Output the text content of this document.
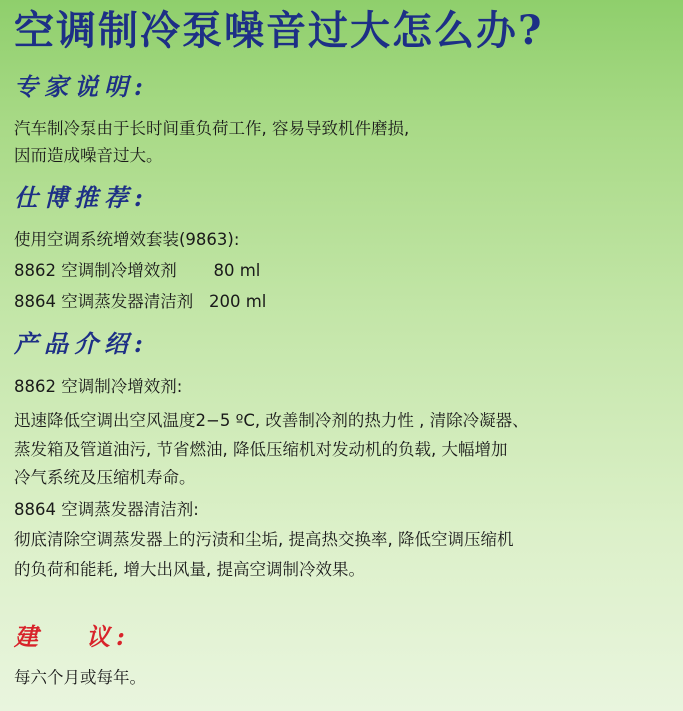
空调制冷泵噪音过大怎么办?
专家说明:
汽车制冷泵由于长时间重负荷工作, 容易导致机件磨损,
因而造成噪音过大。
仕博推荐:
使用空调系统增效套装(9863):
8862 空调制冷增效剂       80 ml
8864 空调蒸发器清洁剂   200 ml
产品介绍:
8862 空调制冷增效剂:
迅速降低空调出空风温度2−5 ºC, 改善制冷剂的热力性 , 清除冷凝器、
蒸发箱及管道油污, 节省燃油, 降低压缩机对发动机的负载, 大幅增加
冷气系统及压缩机寿命。
8864 空调蒸发器清洁剂:
彻底清除空调蒸发器上的污渍和尘垢, 提高热交换率, 降低空调压缩机
的负荷和能耗, 增大出风量, 提高空调制冷效果。
建 议:
每六个月或每年。
